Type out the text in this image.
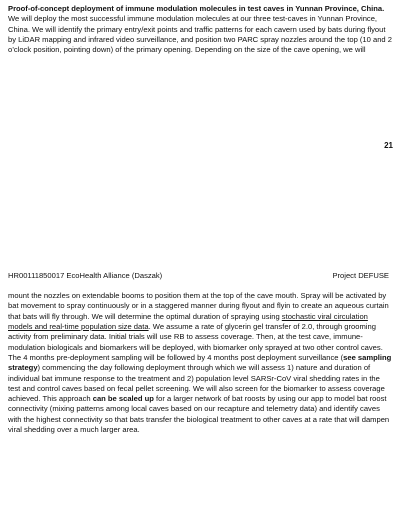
Proof-of-concept deployment of immune modulation molecules in test caves in Yunnan Province, China. We will deploy the most successful immune modulation molecules at our three test-caves in Yunnan Province, China. We will identify the primary entry/exit points and traffic patterns for each cavern used by bats during flyout by LiDAR mapping and infrared video surveillance, and position two PARC spray nozzles around the top (10 and 2 o’clock position, pointing down) of the primary opening. Depending on the size of the cave opening, we will

21
HR00111850017 EcoHealth Alliance (Daszak)	Project DEFUSE

mount the nozzles on extendable booms to position them at the top of the cave mouth. Spray will be activated by bat movement to spray continuously or in a staggered manner during flyout and flyin to create an aqueous curtain that bats will fly through. We will determine the optimal duration of spraying using stochastic viral circulation models and real-time population size data. We assume a rate of glycerin gel transfer of 2.0, through grooming activity from preliminary data. Initial trials will use RB to assess coverage. Then, at the test cave, immune-modulation biologicals and biomarkers will be deployed, with biomarker only sprayed at two other control caves. The 4 months pre-deployment sampling will be followed by 4 months post deployment surveillance (see sampling strategy) commencing the day following deployment through which we will assess 1) nature and duration of individual bat immune response to the treatment and 2) population level SARSr-CoV viral shedding rates in the test and control caves based on fecal pellet screening. We will also screen for the biomarker to assess coverage achieved. This approach can be scaled up for a larger network of bat roosts by using our app to model bat roost connectivity (mixing patterns among local caves based on our recapture and telemetry data) and identify caves with the highest connectivity so that bats transfer the biological treatment to other caves at a rate that will dampen viral shedding over a much larger area.
